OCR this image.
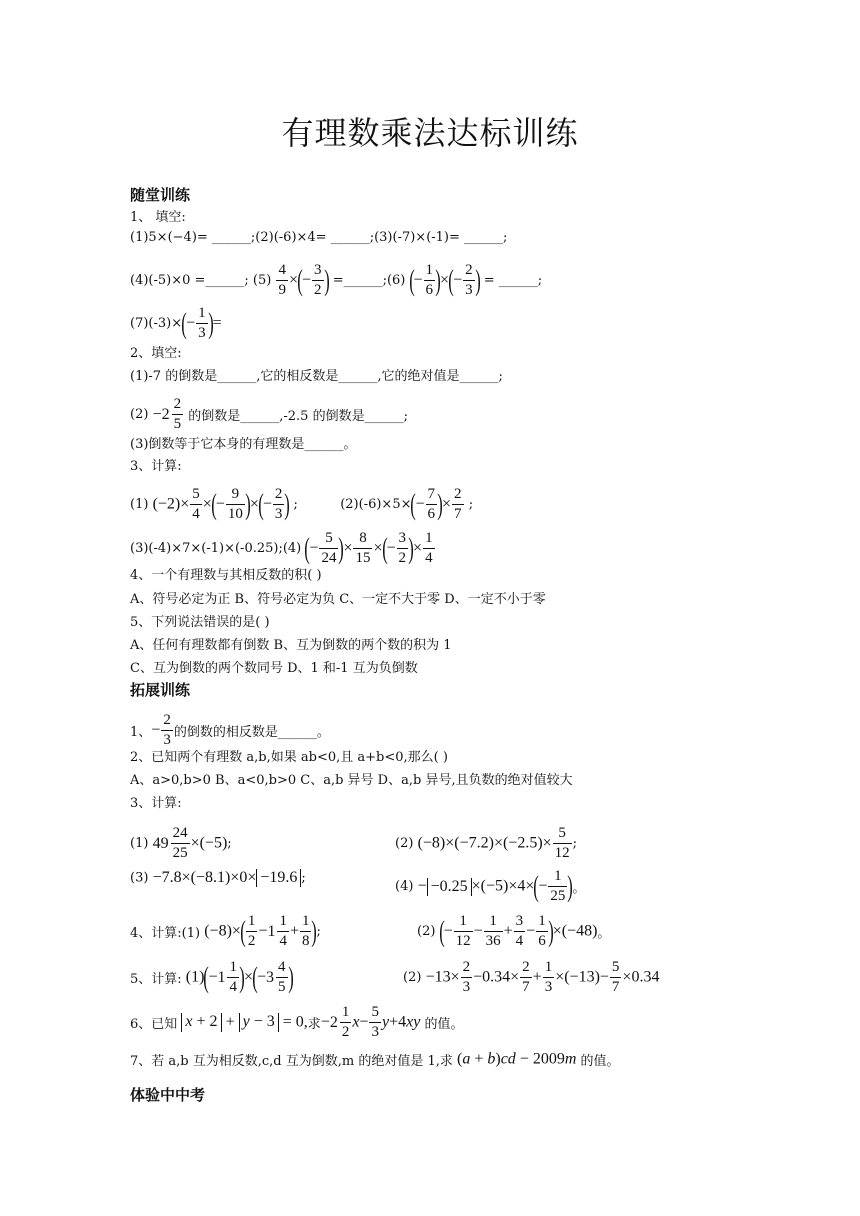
有理数乘法达标训练
随堂训练
1、 填空:
(1)5×(−4)= ______;(2)(-6)×4= ______;(3)(-7)×(-1)= ______;
(4)(-5)×0 =______; $(5) \frac{4}{9}$ ×(− $\frac{3}{2}$ ) =______;(6) (− $\frac{1}{6}$ )×(− $\frac{2}{3}$ ) = ______;
$(7)(-3)\times(- \frac{1}{3}$ )=
2、填空:
(1)-7 的倒数是______,它的相反数是______,它的绝对值是______;
$(2) -2 \frac{2}{5}$ 的倒数是______,-2.5 的倒数是______;
(3)倒数等于它本身的有理数是______。
3、计算:
(1) $(-2)\times \frac{5}{4}$ ×(− $\frac{9}{10}$ )×(− $\frac{2}{3}$ ) ;	$(2)(-6)\times 5\times(- \frac{7}{6}$ )× $\frac{2}{7}$ ;
(3)(-4)×7×(-1)×(-0.25);(4) (− $\frac{5}{24}$ )× $\frac{8}{15}$ ×(− $\frac{3}{2}$ )× $\frac{1}{4}$
4、一个有理数与其相反数的积( )
A、符号必定为正 B、符号必定为负 C、一定不大于零 D、一定不小于零
5、下列说法错误的是( )
A、任何有理数都有倒数 B、互为倒数的两个数的积为 1
C、互为倒数的两个数同号 D、1 和-1 互为负倒数
拓展训练
1、− $\frac{2}{3}$ 的倒数的相反数是______。
2、已知两个有理数 a,b,如果 ab<0,且 a+b<0,那么( )
A、a>0,b>0 B、a<0,b>0 C、a,b 异号 D、a,b 异号,且负数的绝对值较大
3、计算:
(1) $49 \frac{24}{25} \times(-5)$;	(2) $(-8)\times(-7.2)\times(-2.5)\times \frac{5}{12}$ ;
(3) −7.8×(−8.1)×0× −19.6 ;
$(4) - -0.25 \times(-5)\times 4\times(- \frac{1}{25}$ )。
4、计算:(1) $(-8)\times( \frac{1}{2} - 1 \frac{1}{4} + \frac{1}{8}$ );	(2) (− $\frac{1}{12} - \frac{1}{36} + \frac{3}{4} - \frac{1}{6} )\times(-48)$。
5、计算: $(1)(- 1 \frac{1}{4}$ )×(− $3 \frac{4}{5}$ )	$(2) -13\times \frac{2}{3} -0.34\times \frac{2}{7} + \frac{1}{3} \times(-13)- \frac{5}{7} \times 0.34$
6、已知 x + 2 + y − 3 = 0,求− $2 \frac{1}{2} x- \frac{5}{3} y+4xy$ 的值。
7、若 a,b 互为相反数,c,d 互为倒数,m 的绝对值是 1,求 (a + b)cd − 2009m 的值。
体验中中考
